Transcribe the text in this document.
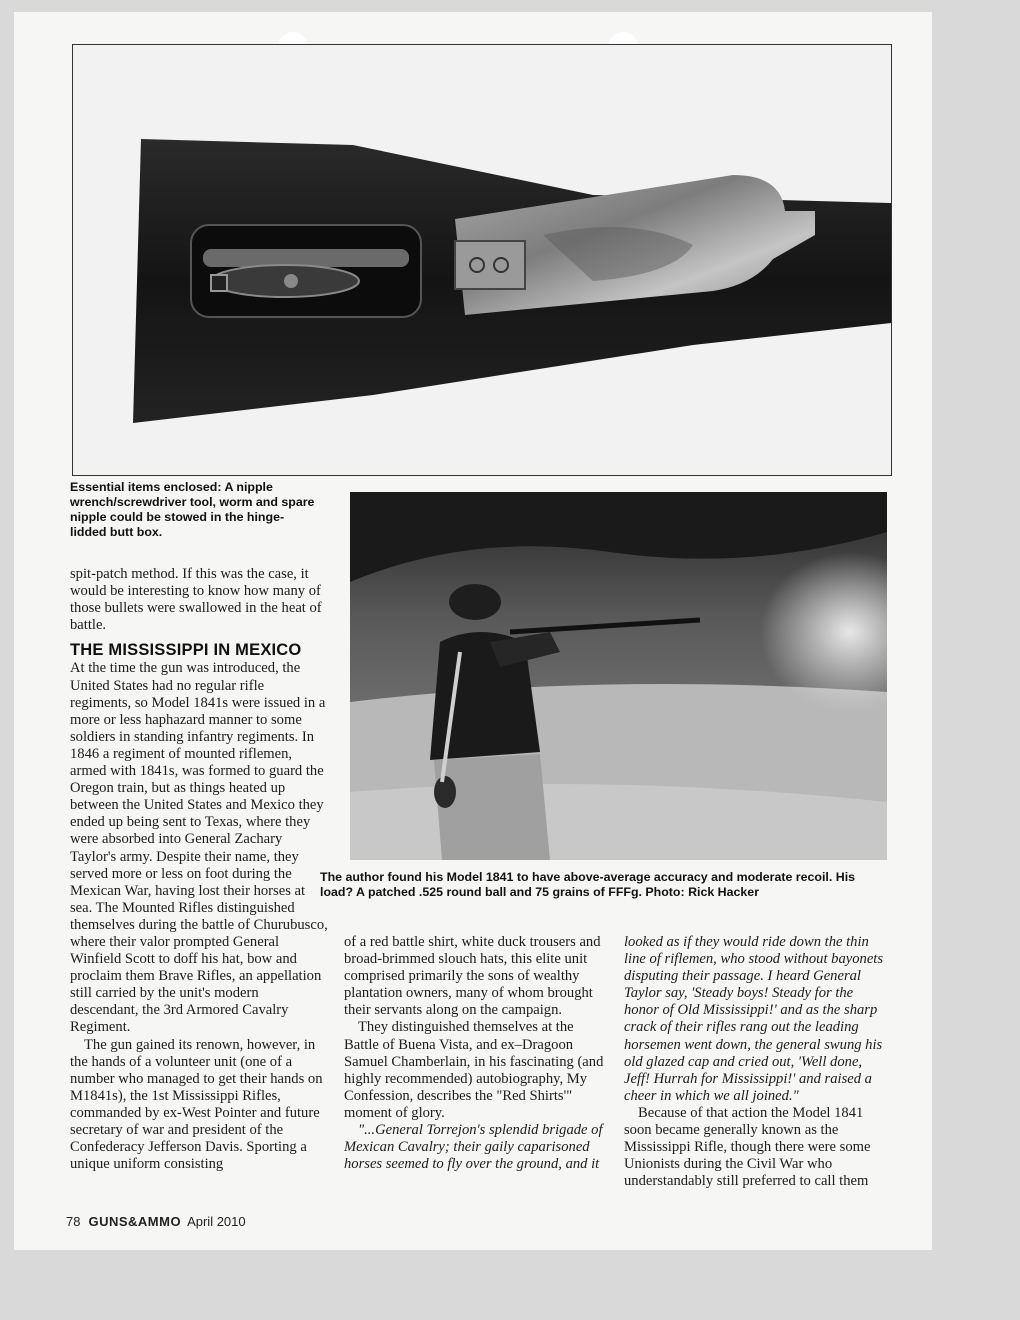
Essential items enclosed: A nipple wrench/screwdriver tool, worm and spare nipple could be stowed in the hinge-lidded butt box.
The author found his Model 1841 to have above-average accuracy and moderate recoil. His load? A patched .525 round ball and 75 grains of FFFg. Photo: Rick Hacker

spit-patch method. If this was the case, it would be interesting to know how many of those bullets were swallowed in the heat of battle.

THE MISSISSIPPI IN MEXICO

At the time the gun was introduced, the United States had no regular rifle regiments, so Model 1841s were issued in a more or less haphazard manner to some soldiers in standing infantry regiments. In 1846 a regiment of mounted riflemen, armed with 1841s, was formed to guard the Oregon train, but as things heated up between the United States and Mexico they ended up being sent to Texas, where they were absorbed into General Zachary Taylor's army. Despite their name, they served more or less on foot during the Mexican War, having lost their horses at sea. The Mounted Rifles distinguished themselves during the battle of Churubusco, where their valor prompted General Winfield Scott to doff his hat, bow and proclaim them Brave Rifles, an appellation still carried by the unit's modern descendant, the 3rd Armored Cavalry Regiment.

The gun gained its renown, however, in the hands of a volunteer unit (one of a number who managed to get their hands on M1841s), the 1st Mississippi Rifles, commanded by ex-West Pointer and future secretary of war and president of the Confederacy Jefferson Davis. Sporting a unique uniform consisting

of a red battle shirt, white duck trousers and broad-brimmed slouch hats, this elite unit comprised primarily the sons of wealthy plantation owners, many of whom brought their servants along on the campaign.

They distinguished themselves at the Battle of Buena Vista, and ex–Dragoon Samuel Chamberlain, in his fascinating (and highly recommended) autobiography, My Confession, describes the "Red Shirts'" moment of glory.

"...General Torrejon's splendid brigade of Mexican Cavalry; their gaily caparisoned horses seemed to fly over the ground, and it

looked as if they would ride down the thin line of riflemen, who stood without bayonets disputing their passage. I heard General Taylor say, 'Steady boys! Steady for the honor of Old Mississippi!' and as the sharp crack of their rifles rang out the leading horsemen went down, the general swung his old glazed cap and cried out, 'Well done, Jeff! Hurrah for Mississippi!' and raised a cheer in which we all joined."

Because of that action the Model 1841 soon became generally known as the Mississippi Rifle, though there were some Unionists during the Civil War who understandably still preferred to call them

78 GUNS&AMMO April 2010
